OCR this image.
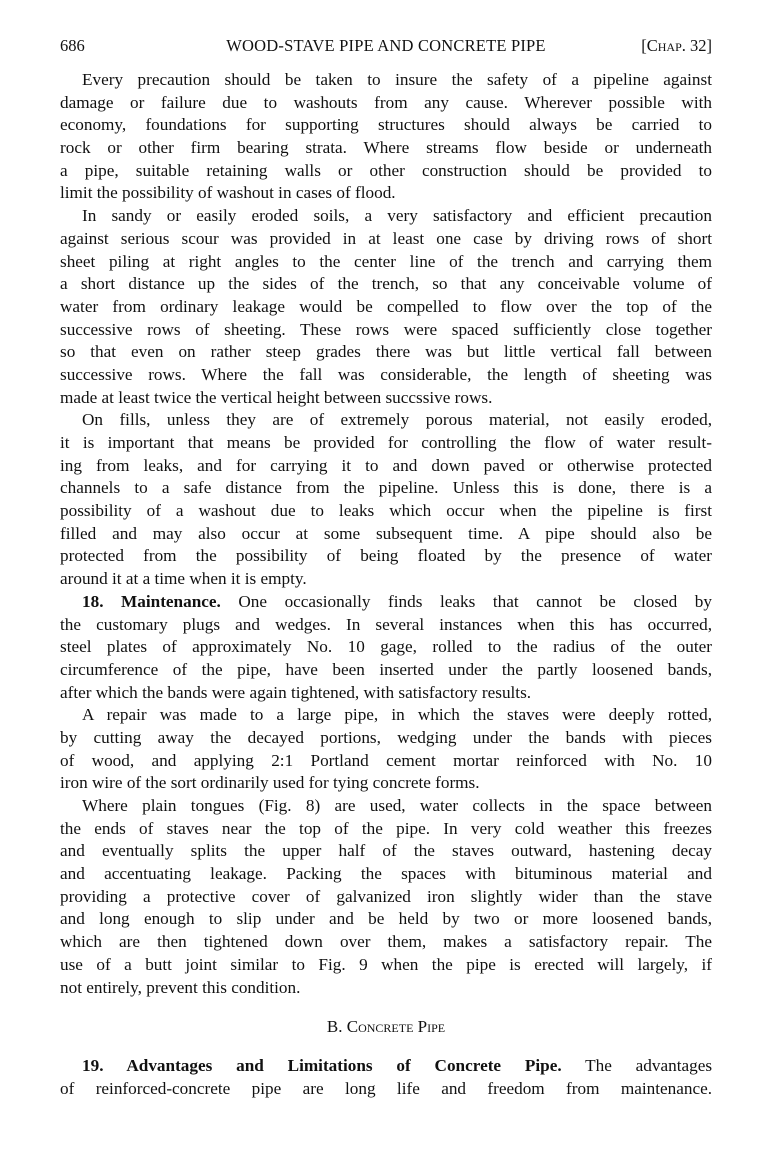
686	WOOD-STAVE PIPE AND CONCRETE PIPE	[Chap. 32]
Every precaution should be taken to insure the safety of a pipeline against
damage or failure due to washouts from any cause. Wherever possible with
economy, foundations for supporting structures should always be carried to
rock or other firm bearing strata. Where streams flow beside or underneath
a pipe, suitable retaining walls or other construction should be provided to
limit the possibility of washout in cases of flood.
In sandy or easily eroded soils, a very satisfactory and efficient precaution
against serious scour was provided in at least one case by driving rows of short
sheet piling at right angles to the center line of the trench and carrying them
a short distance up the sides of the trench, so that any conceivable volume of
water from ordinary leakage would be compelled to flow over the top of the
successive rows of sheeting. These rows were spaced sufficiently close together
so that even on rather steep grades there was but little vertical fall between
successive rows. Where the fall was considerable, the length of sheeting was
made at least twice the vertical height between succssive rows.
On fills, unless they are of extremely porous material, not easily eroded,
it is important that means be provided for controlling the flow of water result-
ing from leaks, and for carrying it to and down paved or otherwise protected
channels to a safe distance from the pipeline. Unless this is done, there is a
possibility of a washout due to leaks which occur when the pipeline is first
filled and may also occur at some subsequent time. A pipe should also be
protected from the possibility of being floated by the presence of water
around it at a time when it is empty.
18. Maintenance. One occasionally finds leaks that cannot be closed by
the customary plugs and wedges. In several instances when this has occurred,
steel plates of approximately No. 10 gage, rolled to the radius of the outer
circumference of the pipe, have been inserted under the partly loosened bands,
after which the bands were again tightened, with satisfactory results.
A repair was made to a large pipe, in which the staves were deeply rotted,
by cutting away the decayed portions, wedging under the bands with pieces
of wood, and applying 2:1 Portland cement mortar reinforced with No. 10
iron wire of the sort ordinarily used for tying concrete forms.
Where plain tongues (Fig. 8) are used, water collects in the space between
the ends of staves near the top of the pipe. In very cold weather this freezes
and eventually splits the upper half of the staves outward, hastening decay
and accentuating leakage. Packing the spaces with bituminous material and
providing a protective cover of galvanized iron slightly wider than the stave
and long enough to slip under and be held by two or more loosened bands,
which are then tightened down over them, makes a satisfactory repair. The
use of a butt joint similar to Fig. 9 when the pipe is erected will largely, if
not entirely, prevent this condition.
B. Concrete Pipe
19. Advantages and Limitations of Concrete Pipe. The advantages
of reinforced-concrete pipe are long life and freedom from maintenance.
